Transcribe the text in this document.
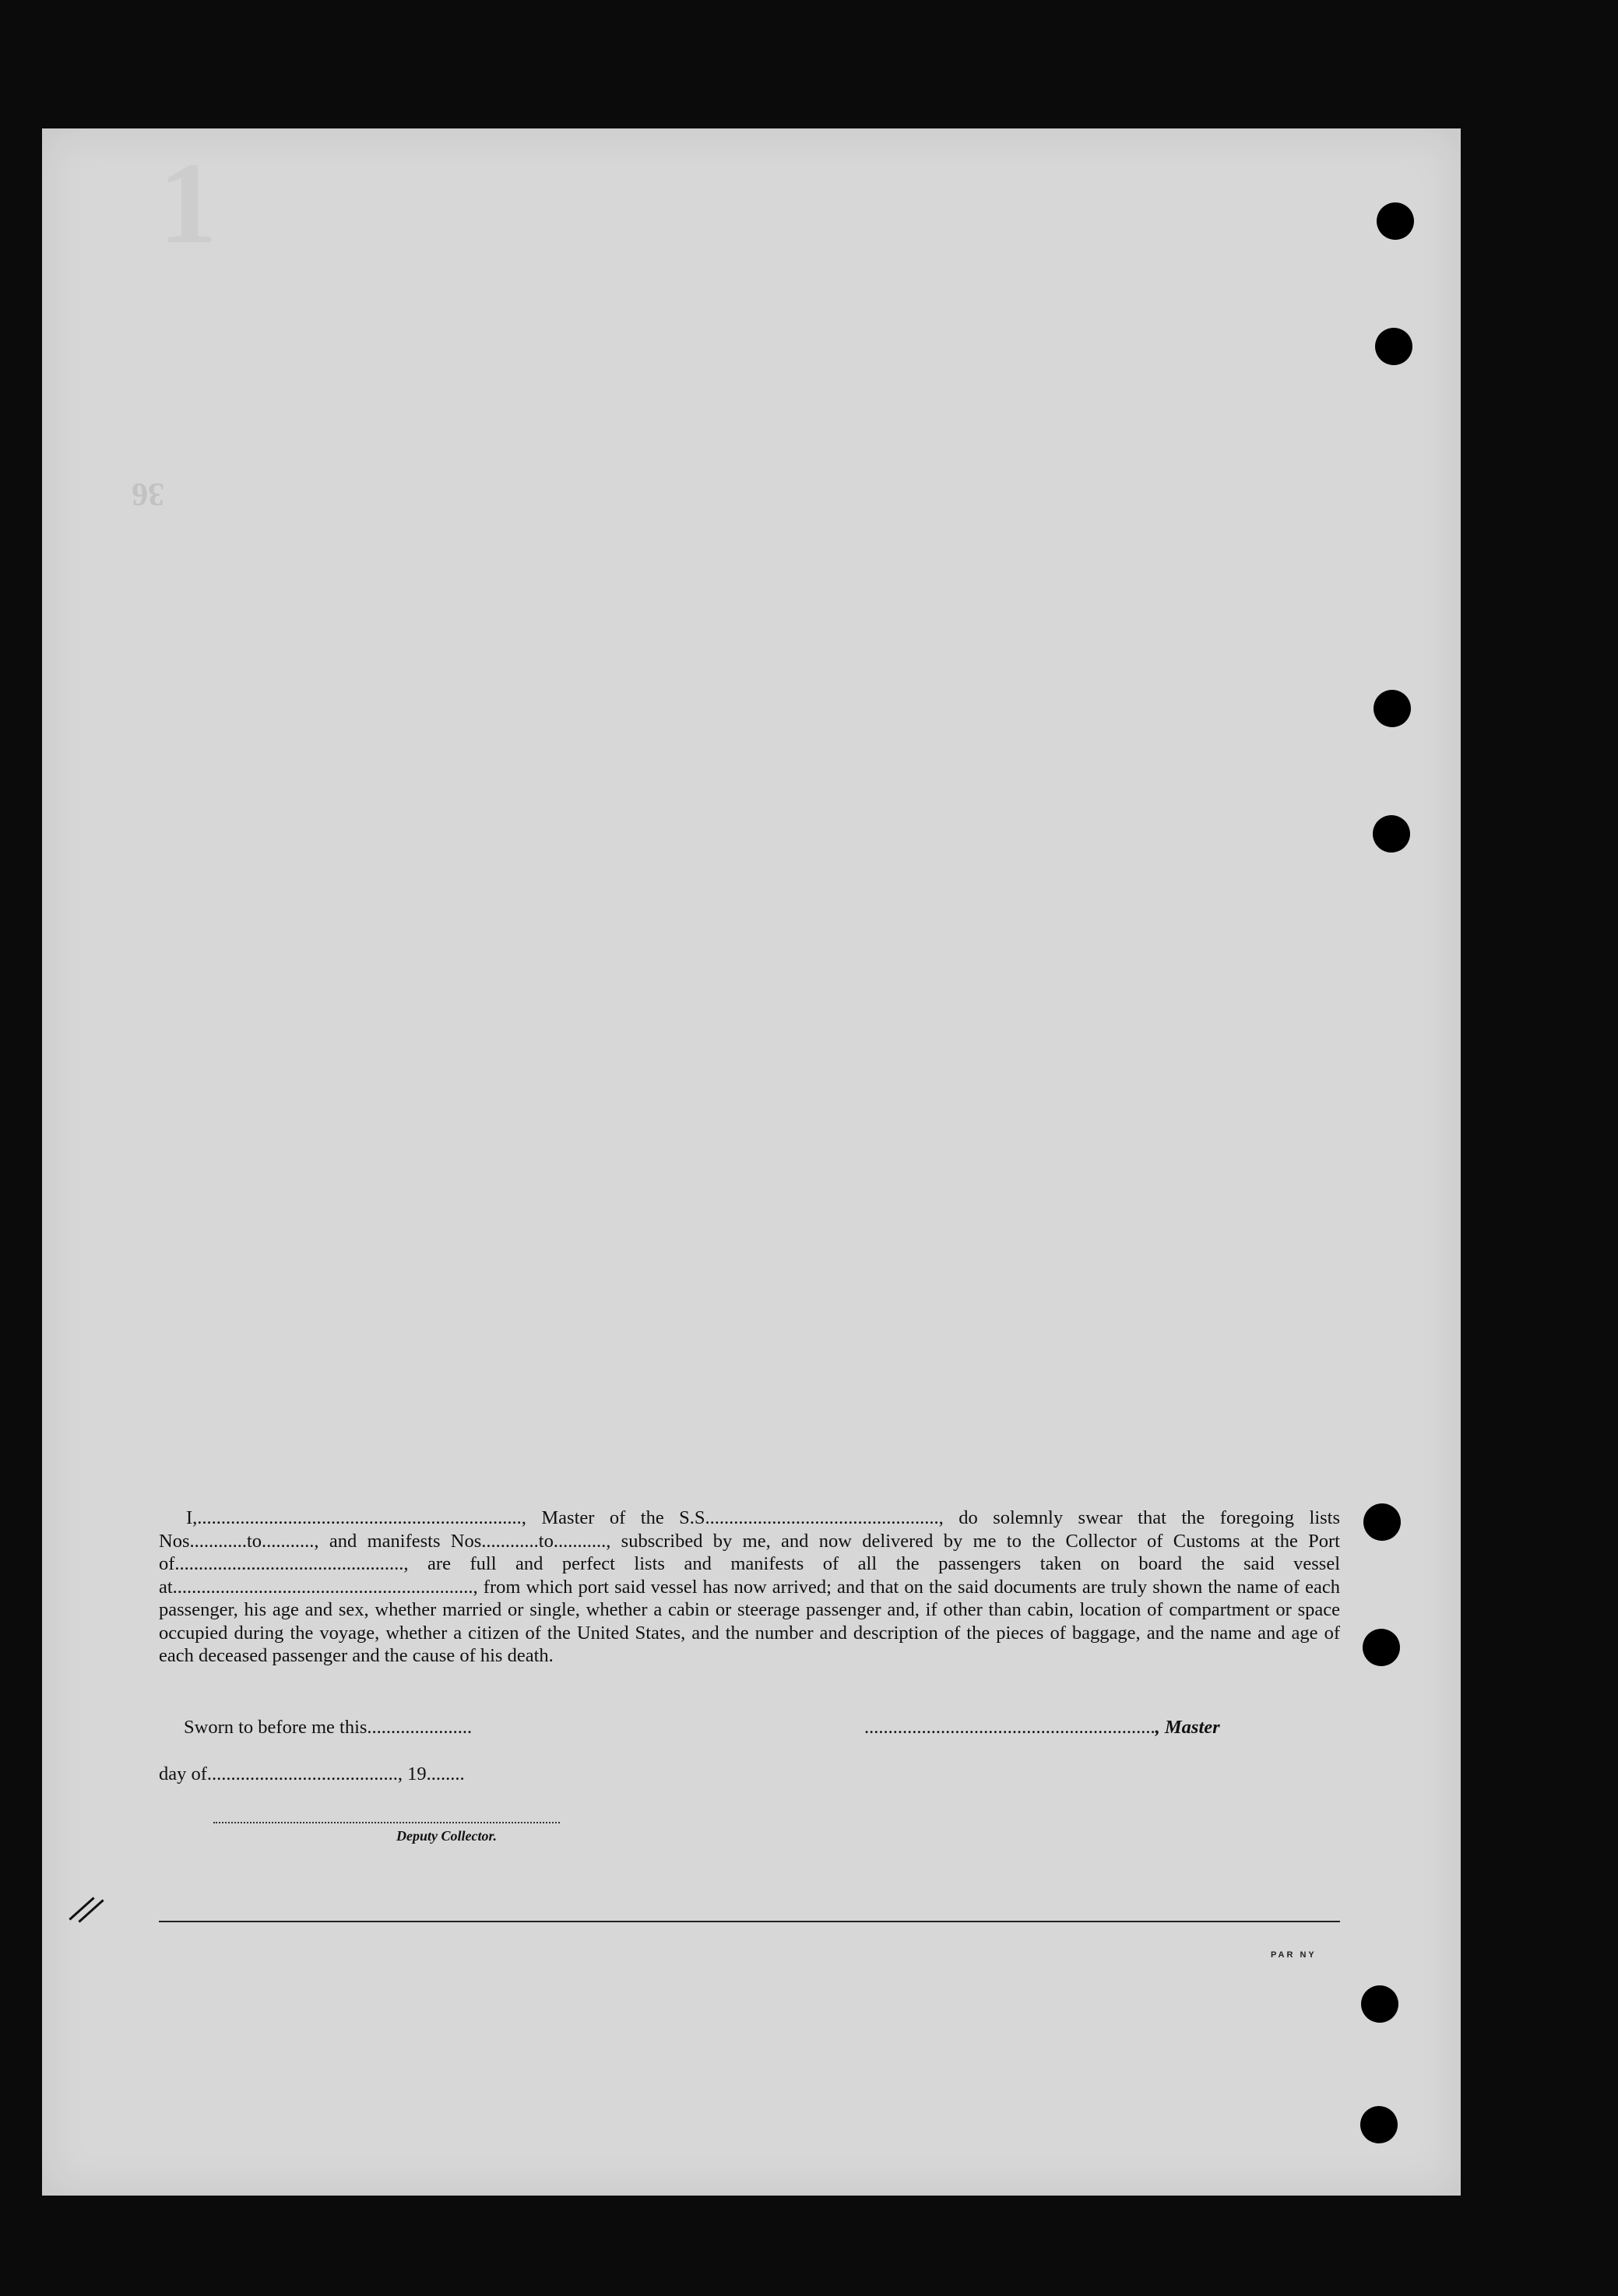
1
36

I,...................................................................., Master of the S.S................................................., do solemnly swear that the foregoing lists Nos............to..........., and manifests Nos............to..........., subscribed by me, and now delivered by me to the Collector of Customs at the Port of................................................, are full and perfect lists and manifests of all the passengers taken on board the said vessel at..............................................................., from which port said vessel has now arrived; and that on the said documents are truly shown the name of each passenger, his age and sex, whether married or single, whether a cabin or steerage passenger and, if other than cabin, location of compartment or space occupied during the voyage, whether a citizen of the United States, and the number and description of the pieces of baggage, and the name and age of each deceased passenger and the cause of his death.

Sworn to before me this......................	............................................................., Master
day of........................................, 19........
Deputy Collector.
PAR NY
